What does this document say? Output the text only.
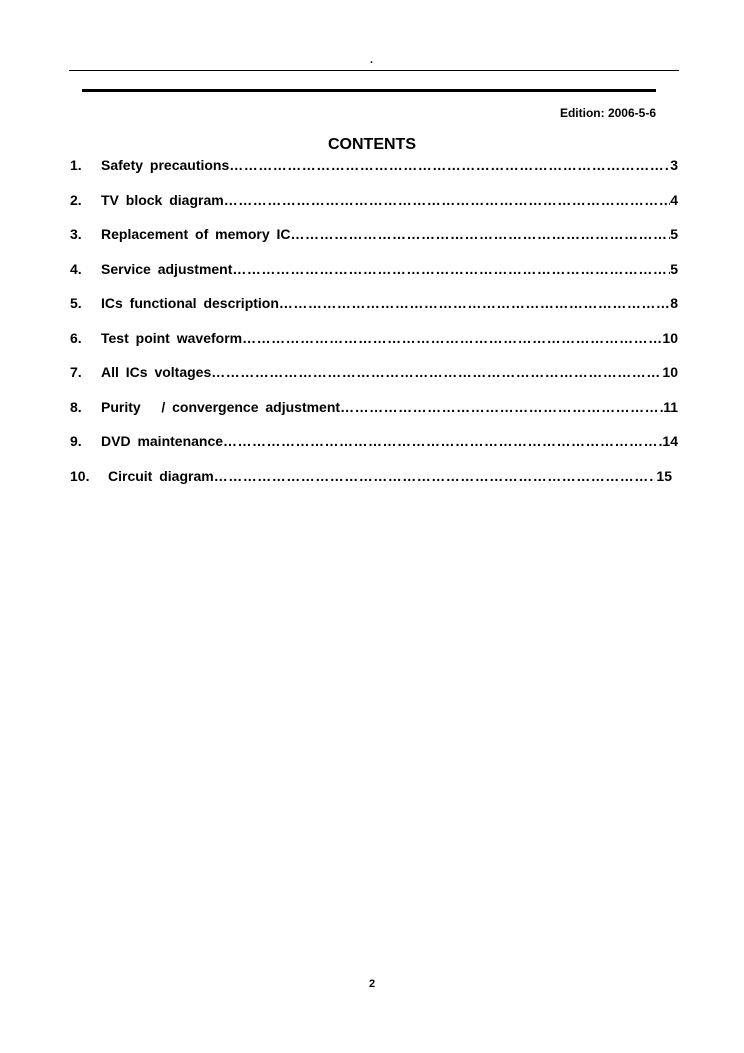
.
Edition: 2006-5-6
CONTENTS
1. Safety precautions ……………………………………………………………………………………………………………………………………………………………………	3
2. TV block diagram ……………………………………………………………………………………………………………………………………………………………………	4
3. Replacement of memory IC ……………………………………………………………………………………………………………………………………………………………………	5
4. Service adjustment ……………………………………………………………………………………………………………………………………………………………………	5
5. ICs functional description ……………………………………………………………………………………………………………………………………………………………………	8
6. Test point waveform ……………………………………………………………………………………………………………………………………………………………………	10
7. All ICs voltages ……………………………………………………………………………………………………………………………………………………………………	10
8. Purity   / convergence adjustment ……………………………………………………………………………………………………………………………………………………………………	11
9. DVD maintenance ……………………………………………………………………………………………………………………………………………………………………	14
10. Circuit diagram ……………………………………………………………………………………………………………………………………………………………………	15
2
